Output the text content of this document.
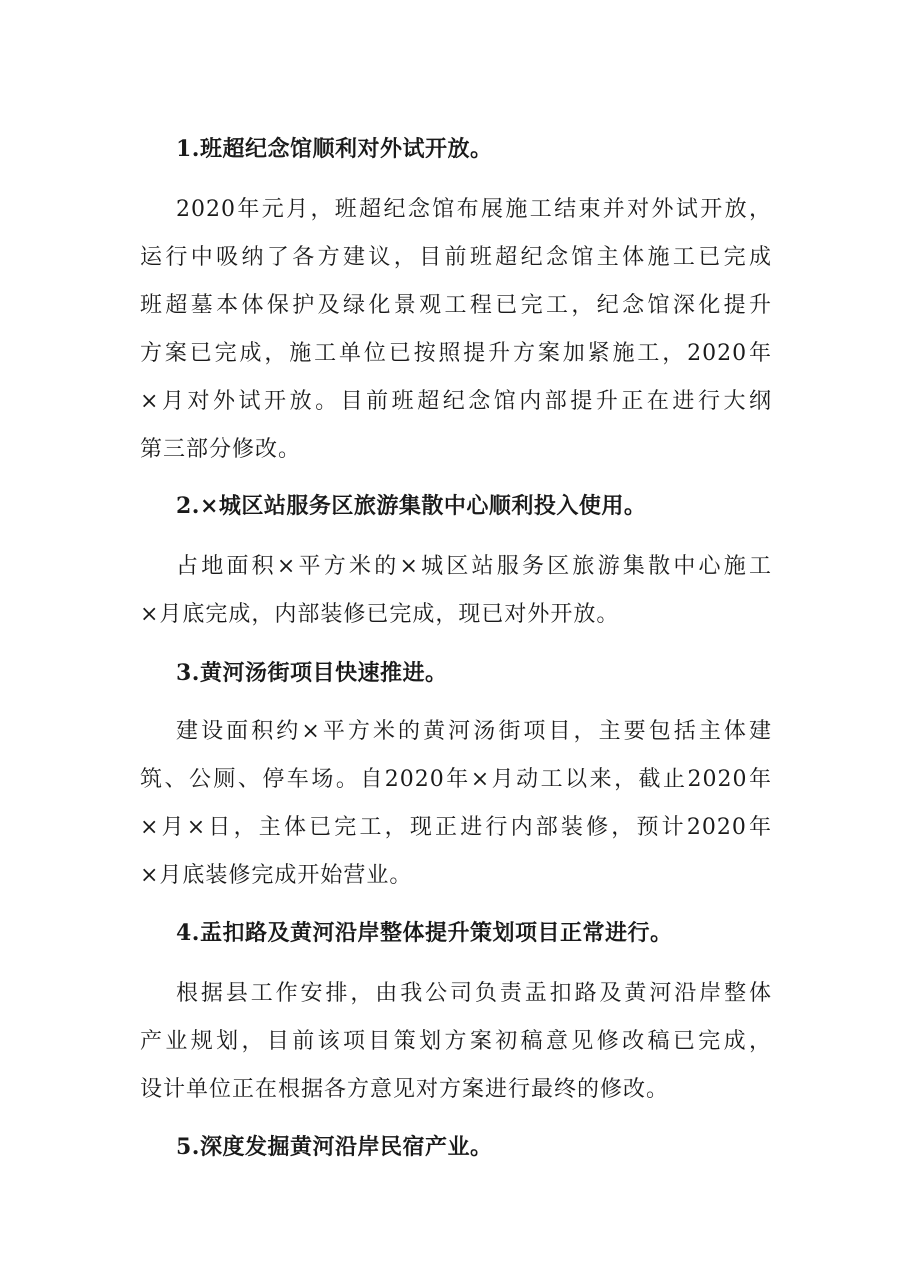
1.班超纪念馆顺利对外试开放。
2020年元月，班超纪念馆布展施工结束并对外试开放，
运行中吸纳了各方建议，目前班超纪念馆主体施工已完成
班超墓本体保护及绿化景观工程已完工，纪念馆深化提升
方案已完成，施工单位已按照提升方案加紧施工，2020年
×月对外试开放。目前班超纪念馆内部提升正在进行大纲
第三部分修改。
2.×城区站服务区旅游集散中心顺利投入使用。
占地面积×平方米的×城区站服务区旅游集散中心施工
×月底完成，内部装修已完成，现已对外开放。
3.黄河汤街项目快速推进。
建设面积约×平方米的黄河汤街项目，主要包括主体建
筑、公厕、停车场。自2020年×月动工以来，截止2020年
×月×日，主体已完工，现正进行内部装修，预计2020年
×月底装修完成开始营业。
4.盂扣路及黄河沿岸整体提升策划项目正常进行。
根据县工作安排，由我公司负责盂扣路及黄河沿岸整体
产业规划，目前该项目策划方案初稿意见修改稿已完成，
设计单位正在根据各方意见对方案进行最终的修改。
5.深度发掘黄河沿岸民宿产业。
